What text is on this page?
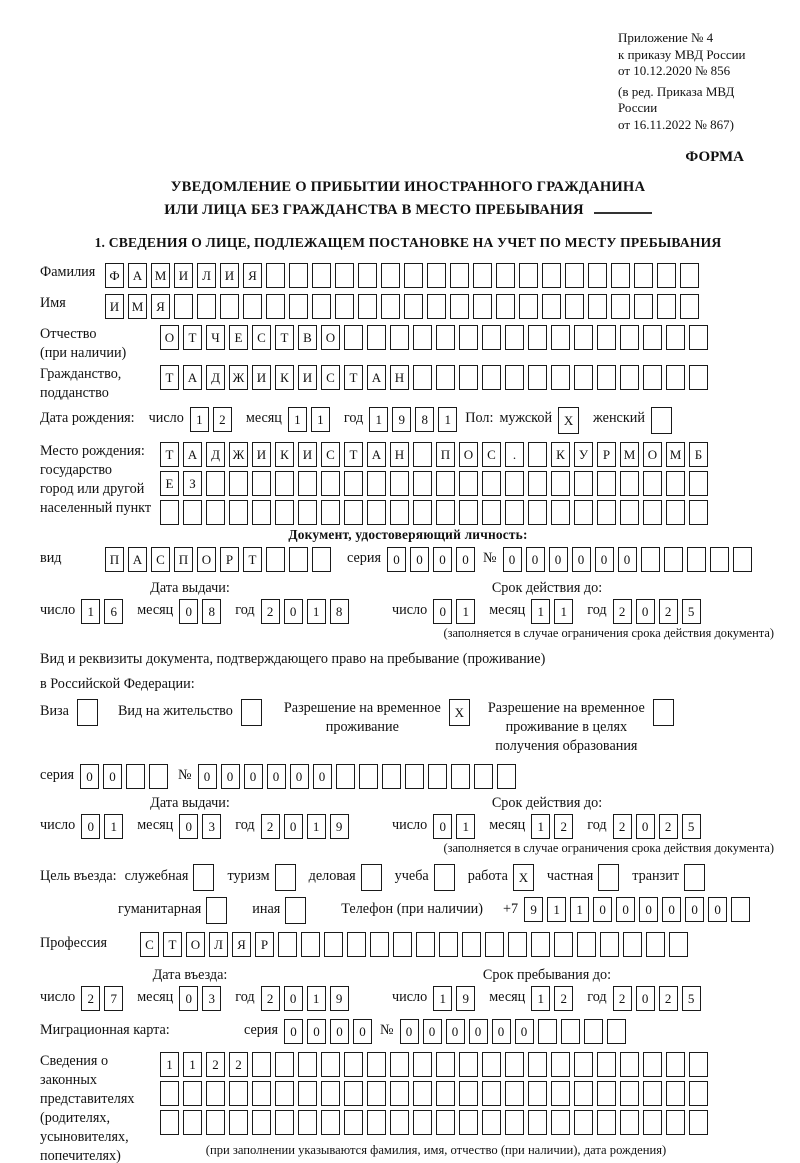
Приложение № 4
к приказу МВД России
от 10.12.2020 № 856
(в ред. Приказа МВД России
от 16.11.2022 № 867)
ФОРМА
УВЕДОМЛЕНИЕ О ПРИБЫТИИ ИНОСТРАННОГО ГРАЖДАНИНА
ИЛИ ЛИЦА БЕЗ ГРАЖДАНСТВА В МЕСТО ПРЕБЫВАНИЯ
1. СВЕДЕНИЯ О ЛИЦЕ, ПОДЛЕЖАЩЕМ ПОСТАНОВКЕ НА УЧЕТ ПО МЕСТУ ПРЕБЫВАНИЯ
Фамилия	Ф	А М И	Л	И	Я
Имя	И М Я
Отчество
(при наличии)
О	Т	Ч	Е	С	Т	В	О
Гражданство,
подданство
Т	А	Д Ж И	К	И	С	Т	А	Н
Дата рождения: число 1	2	месяц 1	1	год 1	9	8	1	Пол: мужской X	женский
Место рождения:
государство
город или другой
населенный пункт
Т	А	Д Ж И	К	И	С	Т	А	Н	П	О	С	.	К	У	Р	М О М	Б
Е	З
Документ, удостоверяющий личность:
вид	П	А	С	П	О	Р	Т	серия 0	0	0	0	№ 0	0	0	0	0	0
Дата выдачи:	Срок действия до:
число 1	6	месяц 0	8	год 2	0	1	8	число 0	1	месяц 1	1	год 2	0	2	5
(заполняется в случае ограничения срока действия документа)
Вид и реквизиты документа, подтверждающего право на пребывание (проживание)
в Российской Федерации:
Виза	Вид на жительство	Разрешение на временное
проживание
X	Разрешение на временное
проживание в целях
получения образования
серия 0	0	№ 0	0	0	0	0	0
Дата выдачи:	Срок действия до:
число 0	1	месяц 0	3	год 2	0	1	9	число 0	1	месяц 1	2	год 2	0	2	5
(заполняется в случае ограничения срока действия документа)
Цель въезда: служебная	туризм	деловая	учеба	работа X	частная	транзит
гуманитарная	иная	Телефон (при наличии) +7 9	1	1	0	0	0	0	0	0
Профессия	С	Т	О	Л	Я	Р
Дата въезда:	Срок пребывания до:
число 2	7	месяц 0	3	год 2	0	1	9	число 1	9	месяц 1	2	год 2	0	2	5
Миграционная карта:	серия 0	0	0	0	№ 0	0	0	0	0	0
Сведения о
законных
представителях
(родителях,
усыновителях,
попечителях)
1	1	2	2
(при заполнении указываются фамилия, имя, отчество (при наличии), дата рождения)
